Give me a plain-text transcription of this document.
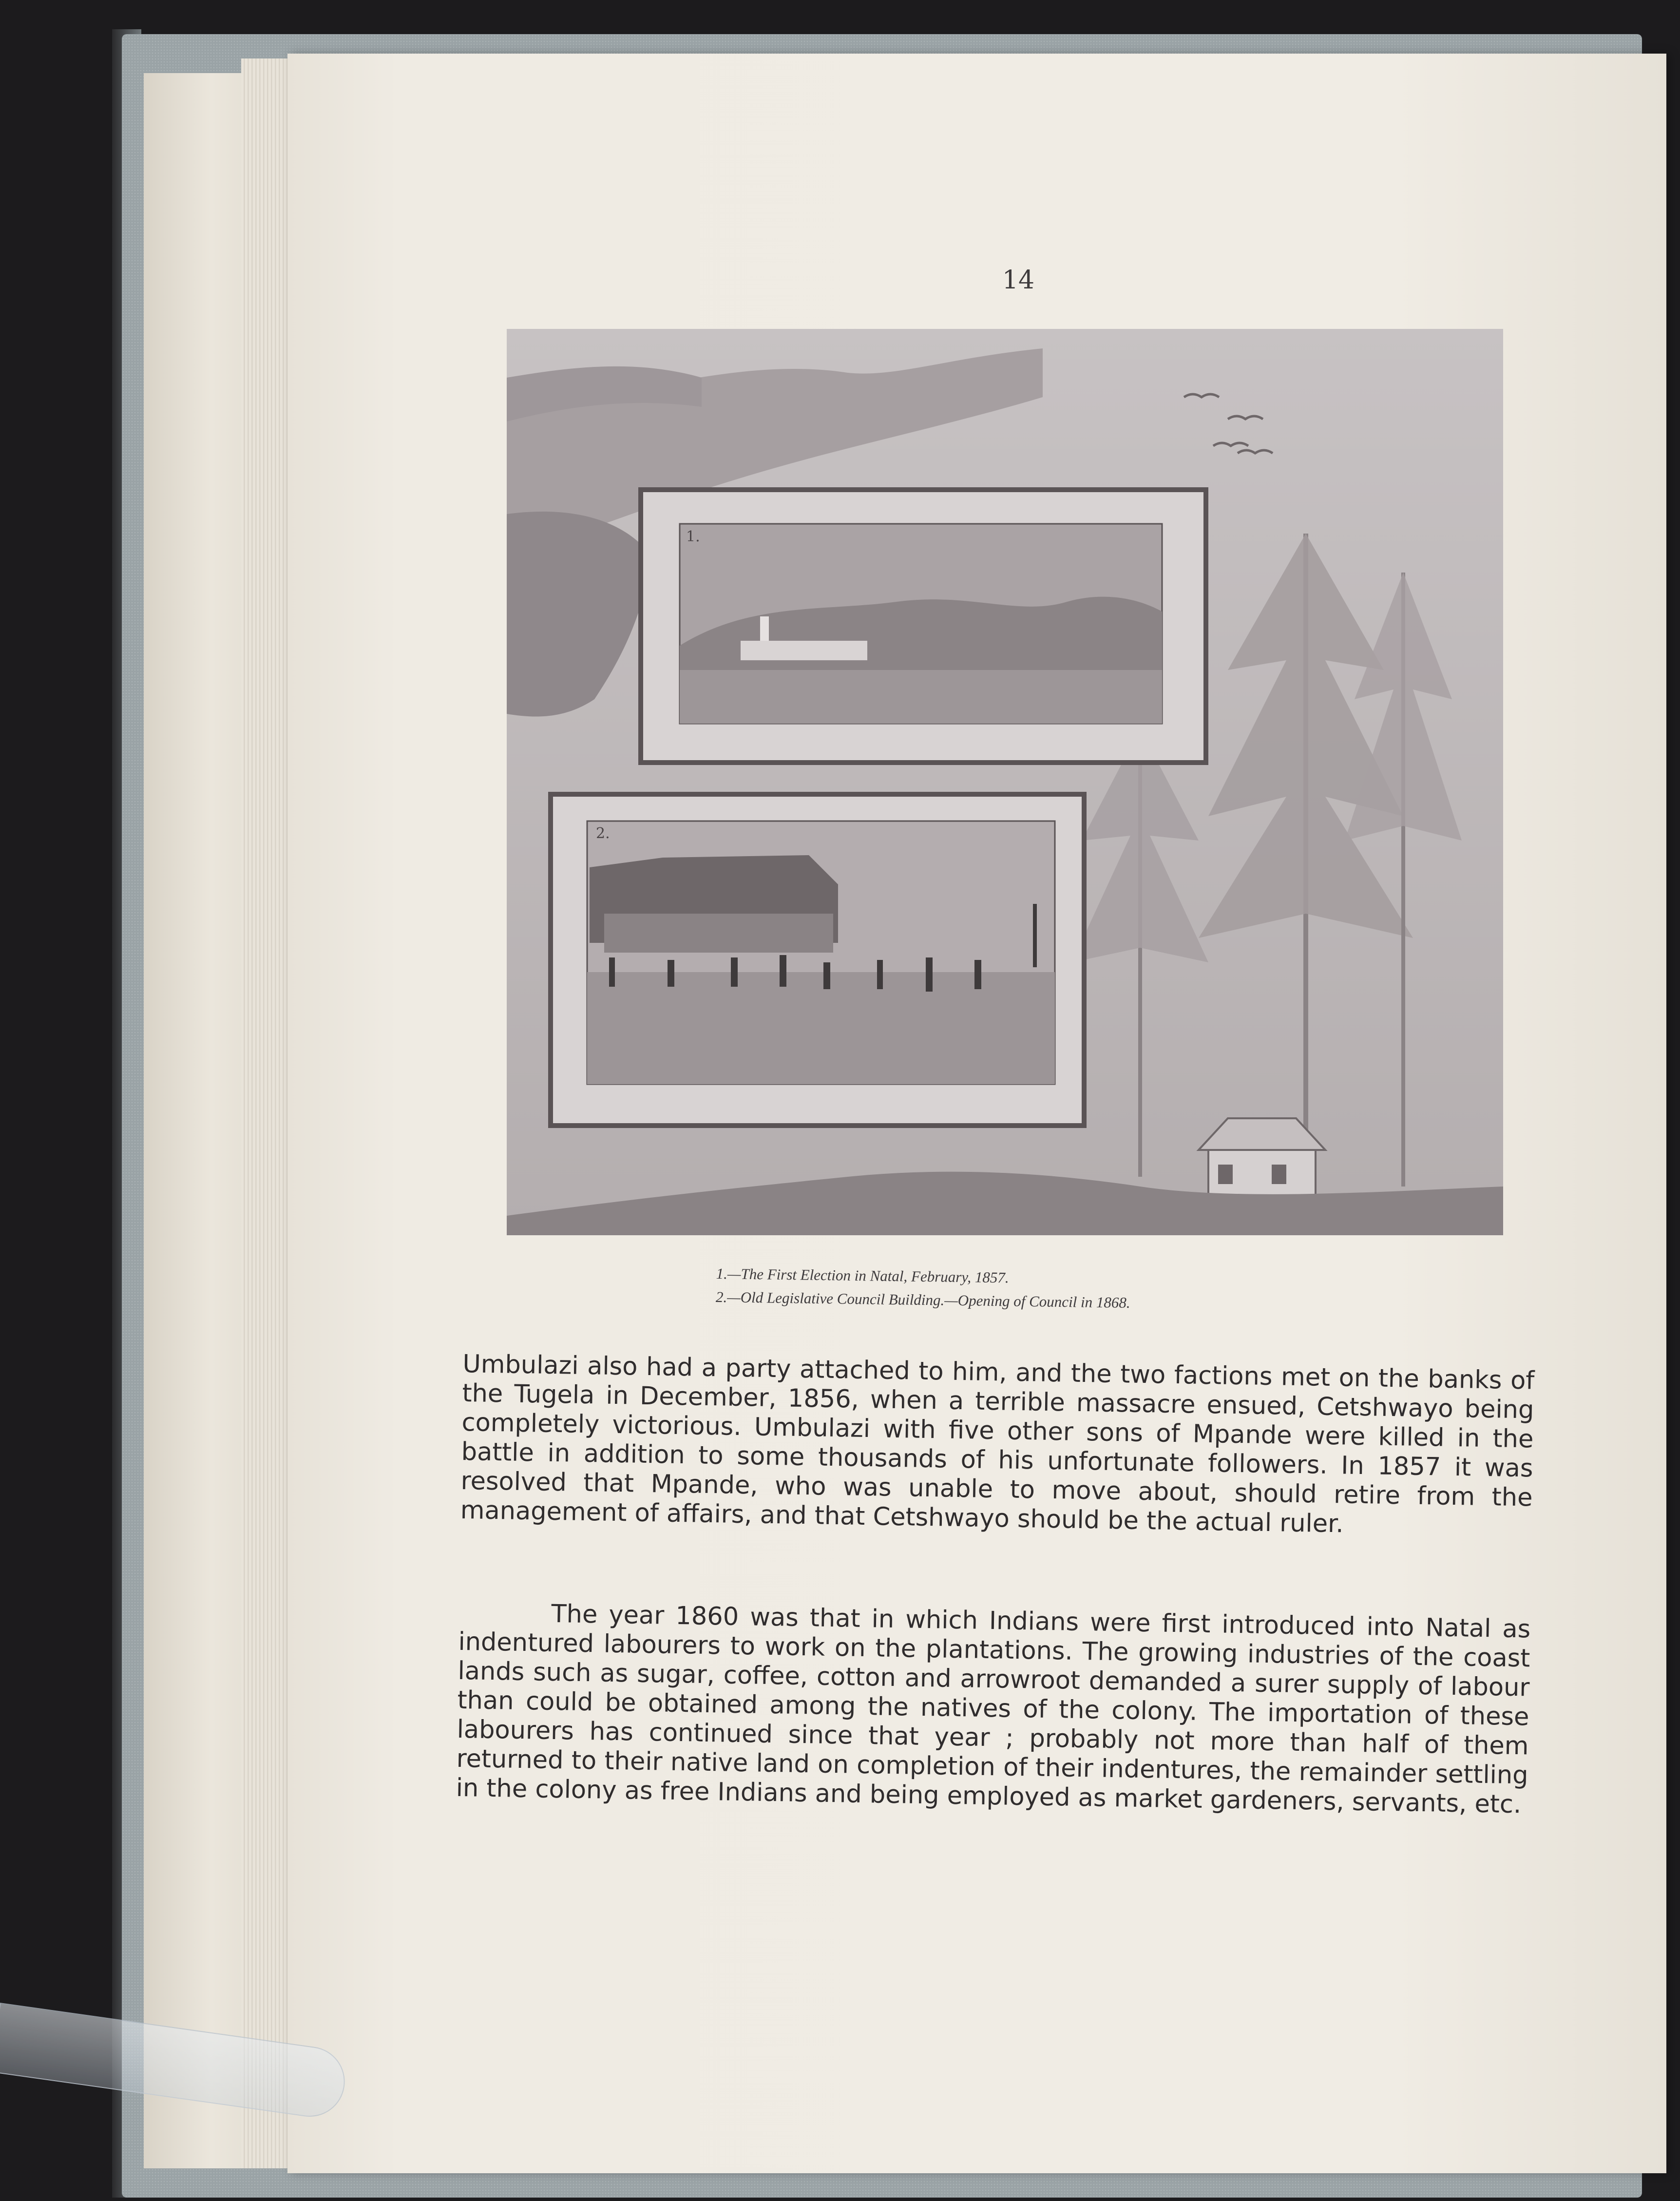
14
1.
2.

1.—The First Election in Natal, February, 1857.

2.—Old Legislative Council Building.—Opening of Council in 1868.

Umbulazi also had a party attached to him, and the two factions met on the banks of the Tugela in December, 1856, when a terrible massacre ensued, Cetshwayo being completely victorious. Umbulazi with five other sons of Mpande were killed in the battle in addition to some thousands of his unfortunate followers. In 1857 it was resolved that Mpande, who was unable to move about, should retire from the management of affairs, and that Cetshwayo should be the actual ruler.

The year 1860 was that in which Indians were first introduced into Natal as indentured labourers to work on the plantations. The growing industries of the coast lands such as sugar, coffee, cotton and arrowroot demanded a surer supply of labour than could be obtained among the natives of the colony. The importation of these labourers has continued since that year ; probably not more than half of them returned to their native land on completion of their indentures, the remainder settling in the colony as free Indians and being employed as market gardeners, servants, etc.
